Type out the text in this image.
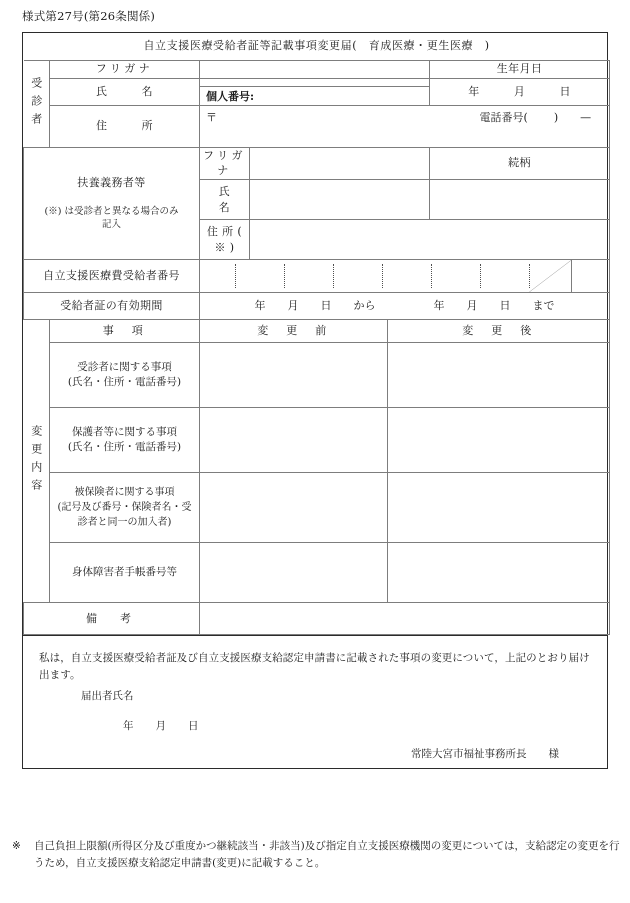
様式第27号(第26条関係)
自立支援医療受給者証等記載事項変更届(　育成医療・更生医療　)					

受診者	フリガナ				生年月日
	氏　　　名	個人番号:			年　　　月　　　日

	住　　　所	〒 電話番号( ) —			

扶養義務者等
(※) は受診者と異なる場合のみ
記入		フリガナ			続柄
		氏　　　名			
		住 所 ( ※ )			
自立支援医療費受給者番号	

受給者証の有効期間		年 月 日 から 年 月 日 まで			

変更内容	事　項	変　更　前		変　更　後	

	受診者に関する事項
(氏名・住所・電話番号)				

	保護者等に関する事項
(氏名・住所・電話番号)				

	被保険者に関する事項
(記号及び番号・保険者名・受
診者と同一の加入者)				

	身体障害者手帳番号等				

備　考					
私は，自立支援医療受給者証及び自立支援医療支給認定申請書に記載された事項の変更について，上記のとおり届け出ます。
届出者氏名
年 月 日
常陸大宮市福祉事務所長 様
※ 自己負担上限額(所得区分及び重度かつ継続該当・非該当)及び指定自立支援医療機関の変更については，支給認定の変更を行うため，自立支援医療支給認定申請書(変更)に記載すること。
